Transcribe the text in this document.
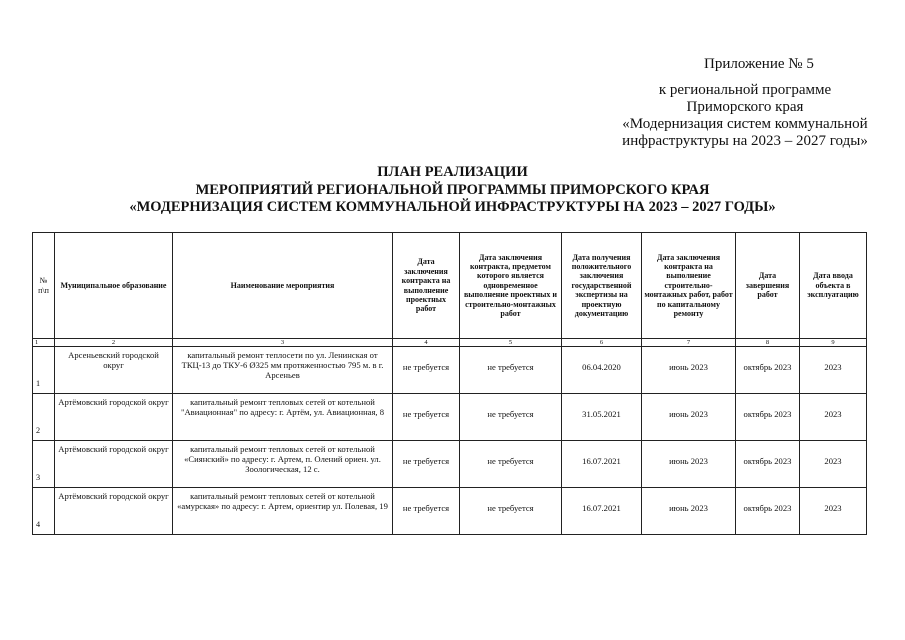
Приложение № 5
к региональной программе
Приморского края
«Модернизация систем коммунальной
инфраструктуры на 2023 – 2027 годы»
ПЛАН РЕАЛИЗАЦИИ
МЕРОПРИЯТИЙ РЕГИОНАЛЬНОЙ ПРОГРАММЫ ПРИМОРСКОГО КРАЯ
«МОДЕРНИЗАЦИЯ СИСТЕМ КОММУНАЛЬНОЙ ИНФРАСТРУКТУРЫ НА 2023 – 2027 ГОДЫ»
№ п\п	Муниципальное образование	Наименование мероприятия	Дата заключения контракта на выполнение проектных работ	Дата заключения контракта, предметом которого является одновременное выполнение проектных и строительно-монтажных работ	Дата получения положительного заключения государственной экспертизы на проектную документацию	Дата заключения контракта на выполнение строительно-монтажных работ, работ по капитальному ремонту	Дата завершения работ	Дата ввода объекта в эксплуатацию
1	2	3	4	5	6	7	8	9
1	Арсеньевский городской округ	капитальный ремонт теплосети по ул. Ленинская от ТКЦ-13 до ТКУ-6 Ø325 мм протяженностью 795 м. в г. Арсеньев	не требуется	не требуется	06.04.2020	июнь 2023	октябрь 2023	2023
2	Артёмовский городской округ	капитальный ремонт тепловых сетей от котельной "Авиационная" по адресу: г. Артём, ул. Авиационная, 8	не требуется	не требуется	31.05.2021	июнь 2023	октябрь 2023	2023
3	Артёмовский городской округ	капитальный ремонт тепловых сетей от котельной «Сиянский» по адресу: г. Артем, п. Олений ориен. ул. Зоологическая, 12 с.	не требуется	не требуется	16.07.2021	июнь 2023	октябрь 2023	2023
4	Артёмовский городской округ	капитальный ремонт тепловых сетей от котельной «амурская» по адресу: г. Артем, ориентир ул. Полевая, 19	не требуется	не требуется	16.07.2021	июнь 2023	октябрь 2023	2023
